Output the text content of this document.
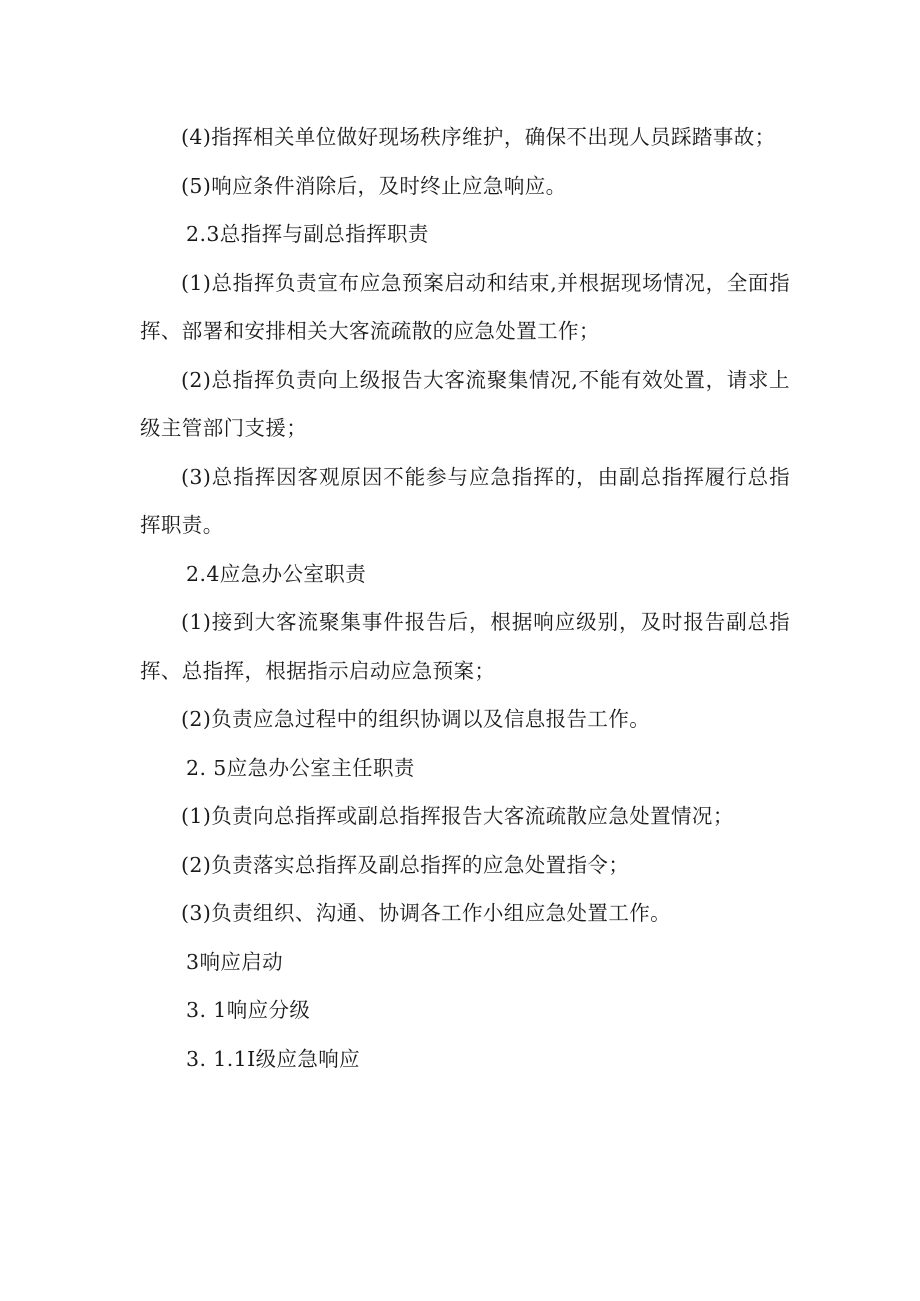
(4)指挥相关单位做好现场秩序维护，确保不出现人员踩踏事故；

(5)响应条件消除后，及时终止应急响应。

2.3总指挥与副总指挥职责

(1)总指挥负责宣布应急预案启动和结束,并根据现场情况，全面指挥、部署和安排相关大客流疏散的应急处置工作；

(2)总指挥负责向上级报告大客流聚集情况,不能有效处置，请求上级主管部门支援；

(3)总指挥因客观原因不能参与应急指挥的，由副总指挥履行总指挥职责。

2.4应急办公室职责

(1)接到大客流聚集事件报告后，根据响应级别，及时报告副总指挥、总指挥，根据指示启动应急预案；

(2)负责应急过程中的组织协调以及信息报告工作。

2. 5应急办公室主任职责

(1)负责向总指挥或副总指挥报告大客流疏散应急处置情况；

(2)负责落实总指挥及副总指挥的应急处置指令；

(3)负责组织、沟通、协调各工作小组应急处置工作。

3响应启动

3. 1响应分级

3. 1.1I级应急响应
